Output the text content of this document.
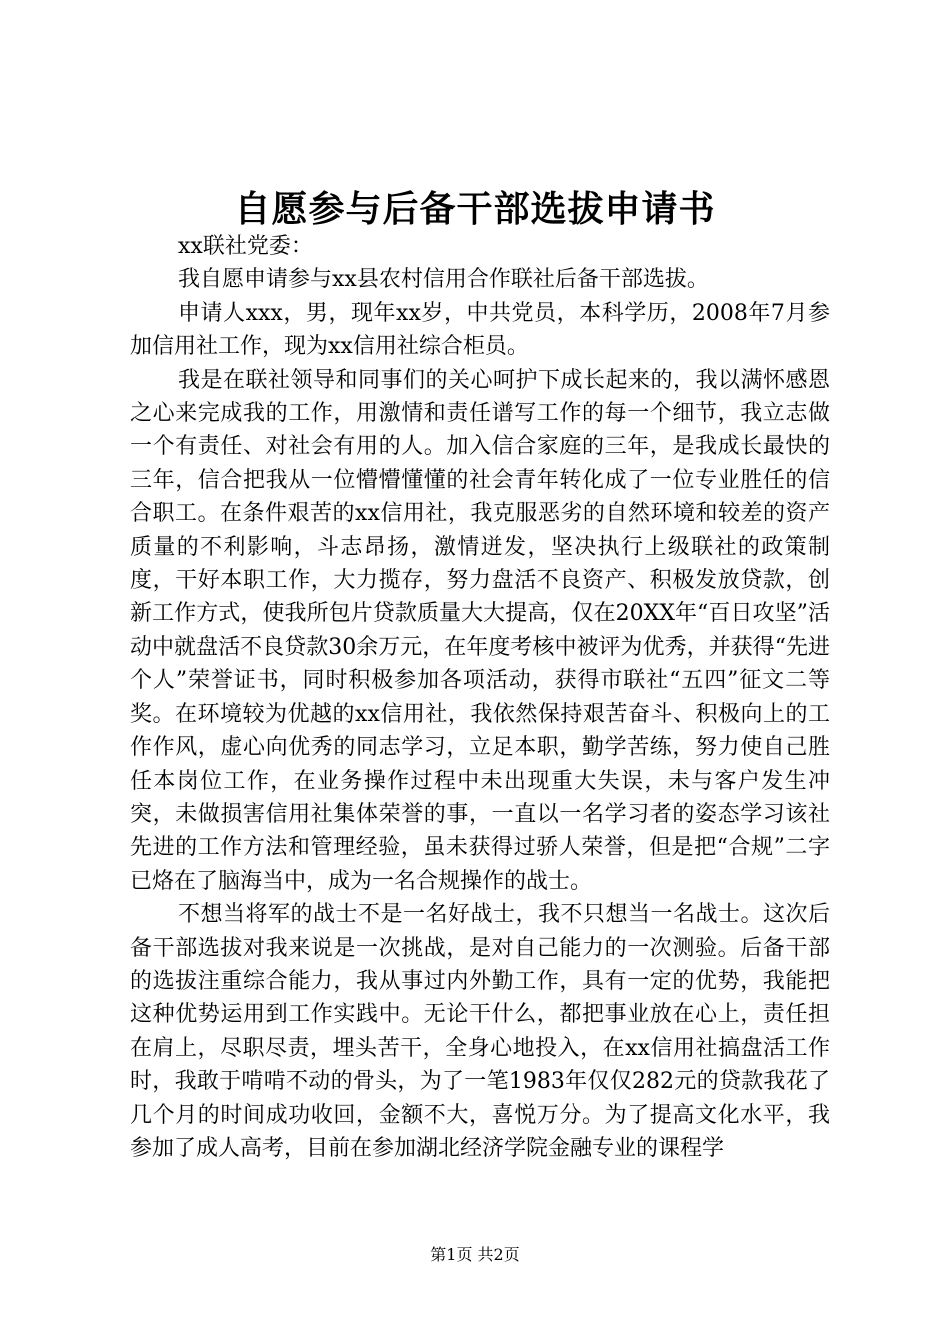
自愿参与后备干部选拔申请书

xx联社党委：

我自愿申请参与xx县农村信用合作联社后备干部选拔。

申请人xxx，男，现年xx岁，中共党员，本科学历，2008年7月参加信用社工作，现为xx信用社综合柜员。

我是在联社领导和同事们的关心呵护下成长起来的，我以满怀感恩之心来完成我的工作，用激情和责任谱写工作的每一个细节，我立志做一个有责任、对社会有用的人。加入信合家庭的三年，是我成长最快的三年，信合把我从一位懵懵懂懂的社会青年转化成了一位专业胜任的信合职工。在条件艰苦的xx信用社，我克服恶劣的自然环境和较差的资产质量的不利影响，斗志昂扬，激情迸发，坚决执行上级联社的政策制度，干好本职工作，大力揽存，努力盘活不良资产、积极发放贷款，创新工作方式，使我所包片贷款质量大大提高，仅在20XX年“百日攻坚”活动中就盘活不良贷款30余万元，在年度考核中被评为优秀，并获得“先进个人”荣誉证书，同时积极参加各项活动，获得市联社“五四”征文二等奖。在环境较为优越的xx信用社，我依然保持艰苦奋斗、积极向上的工作作风，虚心向优秀的同志学习，立足本职，勤学苦练，努力使自己胜任本岗位工作，在业务操作过程中未出现重大失误，未与客户发生冲突，未做损害信用社集体荣誉的事，一直以一名学习者的姿态学习该社先进的工作方法和管理经验，虽未获得过骄人荣誉，但是把“合规”二字已烙在了脑海当中，成为一名合规操作的战士。

不想当将军的战士不是一名好战士，我不只想当一名战士。这次后备干部选拔对我来说是一次挑战，是对自己能力的一次测验。后备干部的选拔注重综合能力，我从事过内外勤工作，具有一定的优势，我能把这种优势运用到工作实践中。无论干什么，都把事业放在心上，责任担在肩上，尽职尽责，埋头苦干，全身心地投入，在xx信用社搞盘活工作时，我敢于啃啃不动的骨头，为了一笔1983年仅仅282元的贷款我花了几个月的时间成功收回，金额不大，喜悦万分。为了提高文化水平，我参加了成人高考，目前在参加湖北经济学院金融专业的课程学

第1页 共2页
